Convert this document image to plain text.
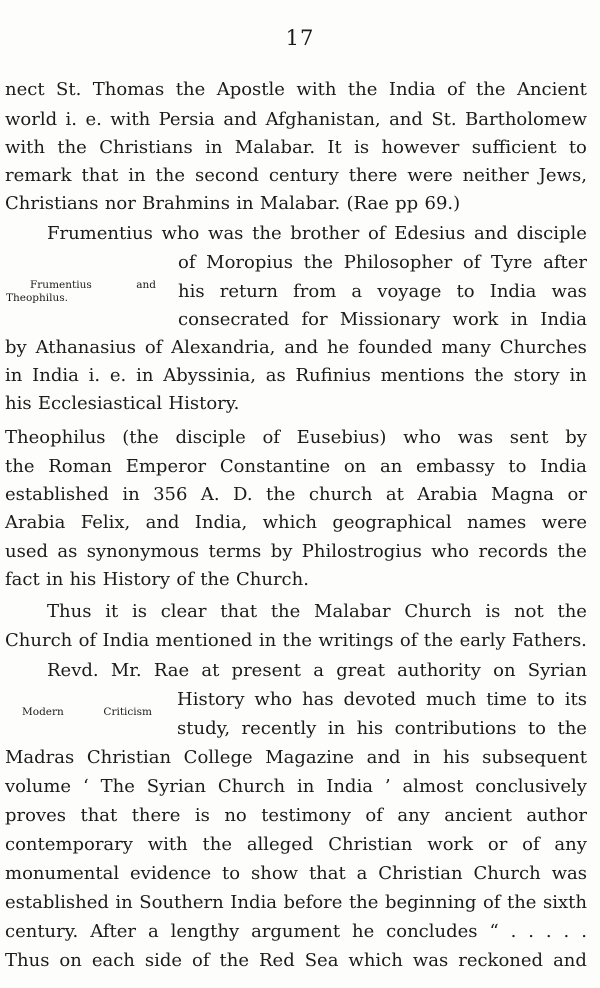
17
Frumentius	and
Theophilus.
Modern	Criticism
nect St. Thomas the Apostle with the India of the Ancient
world i. e. with Persia and Afghanistan, and St. Bartholomew
with the Christians in Malabar. It is however sufficient to
remark that in the second century there were neither Jews,
Christians nor Brahmins in Malabar. (Rae pp 69.)
Frumentius who was the brother of Edesius and disciple
of Moropius the Philosopher of Tyre after
his return from a voyage to India was
consecrated for Missionary work in India
by Athanasius of Alexandria, and he founded many Churches
in India i. e. in Abyssinia, as Rufinius mentions the story in
his Ecclesiastical History.
Theophilus (the disciple of Eusebius) who was sent by
the Roman Emperor Constantine on an embassy to India
established in 356 A. D. the church at Arabia Magna or
Arabia Felix, and India, which geographical names were
used as synonymous terms by Philostrogius who records the
fact in his History of the Church.
Thus it is clear that the Malabar Church is not the
Church of India mentioned in the writings of the early Fathers.
Revd. Mr. Rae at present a great authority on Syrian
History who has devoted much time to its
study, recently in his contributions to the
Madras Christian College Magazine and in his subsequent
volume ‘ The Syrian Church in India ’ almost conclusively
proves that there is no testimony of any ancient author
contemporary with the alleged Christian work or of any
monumental evidence to show that a Christian Church was
established in Southern India before the beginning of the sixth
century. After a lengthy argument he concludes “ . . . . .
Thus on each side of the Red Sea which was reckoned and
